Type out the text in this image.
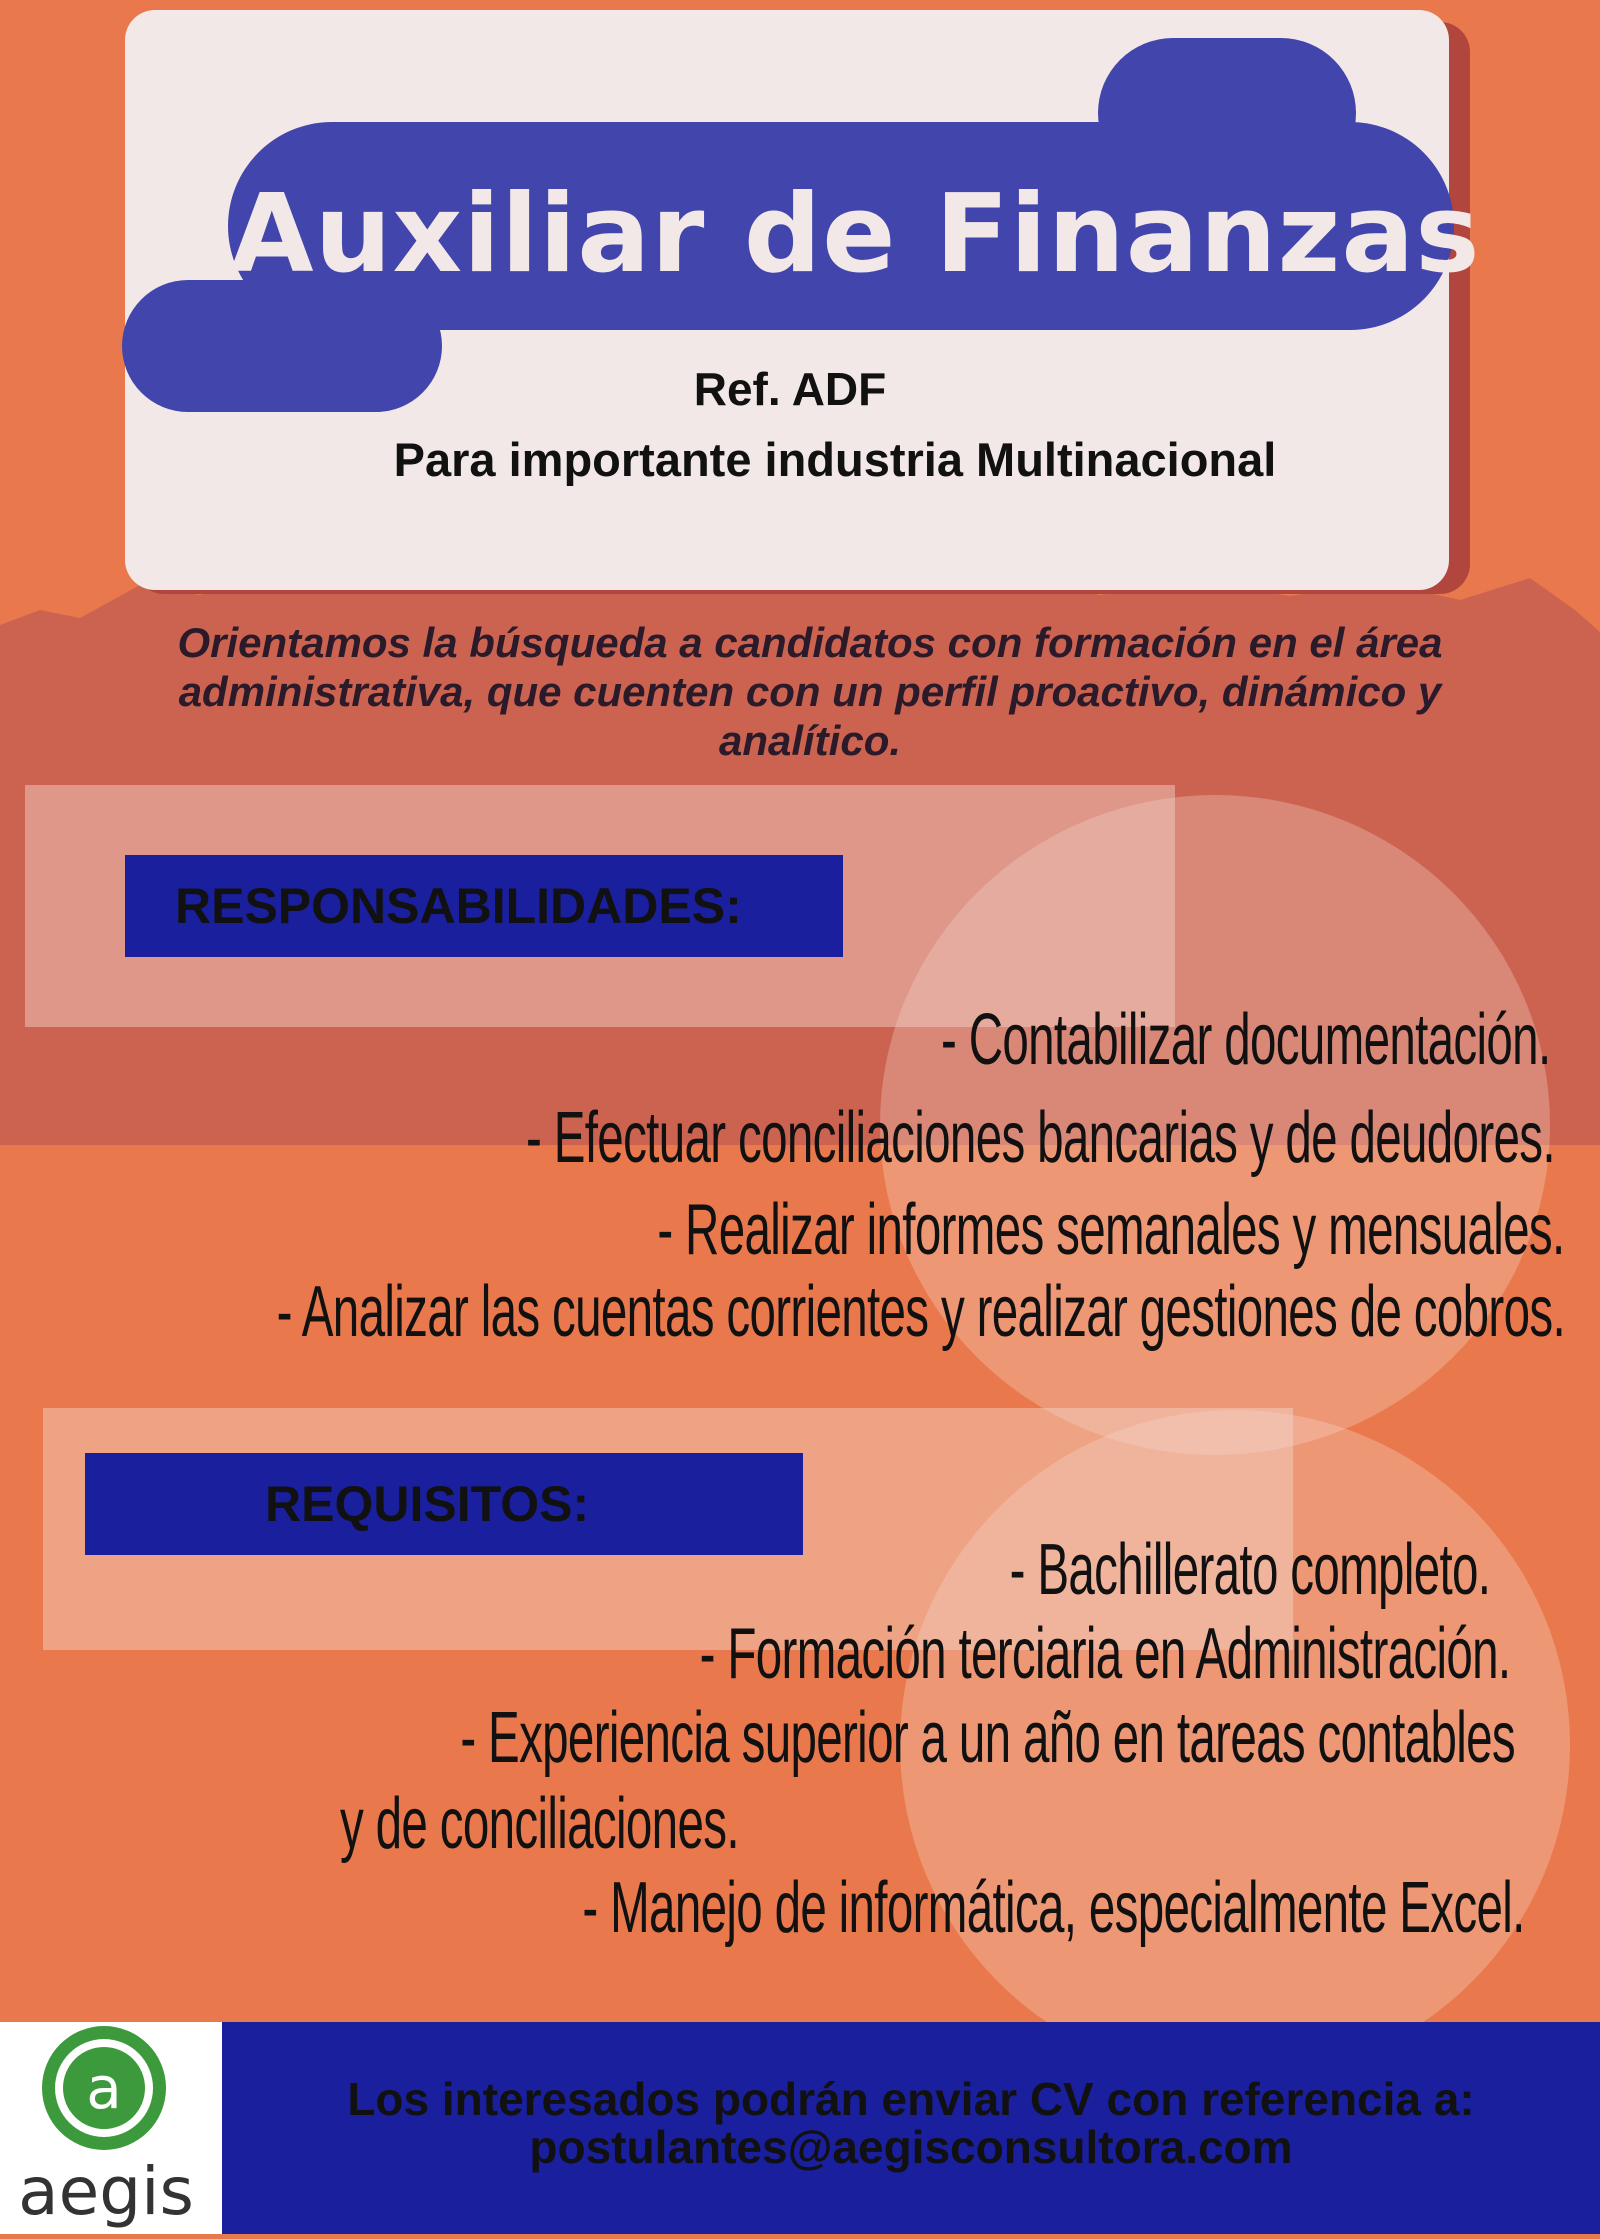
Auxiliar de Finanzas
Ref. ADF
Para importante industria Multinacional
Orientamos la búsqueda a candidatos con formación en el área administrativa, que cuenten con un perfil proactivo, dinámico y analítico.
RESPONSABILIDADES:
- Contabilizar documentación.
- Efectuar conciliaciones bancarias y de deudores.
- Realizar informes semanales y mensuales.
- Analizar las cuentas corrientes y realizar gestiones de cobros.
REQUISITOS:
- Bachillerato completo.
- Formación terciaria en Administración.
- Experiencia superior a un año en tareas contables
y de conciliaciones.
- Manejo de informática, especialmente Excel.
a
aegis
Los interesados podrán enviar CV con referencia a:
postulantes@aegisconsultora.com
